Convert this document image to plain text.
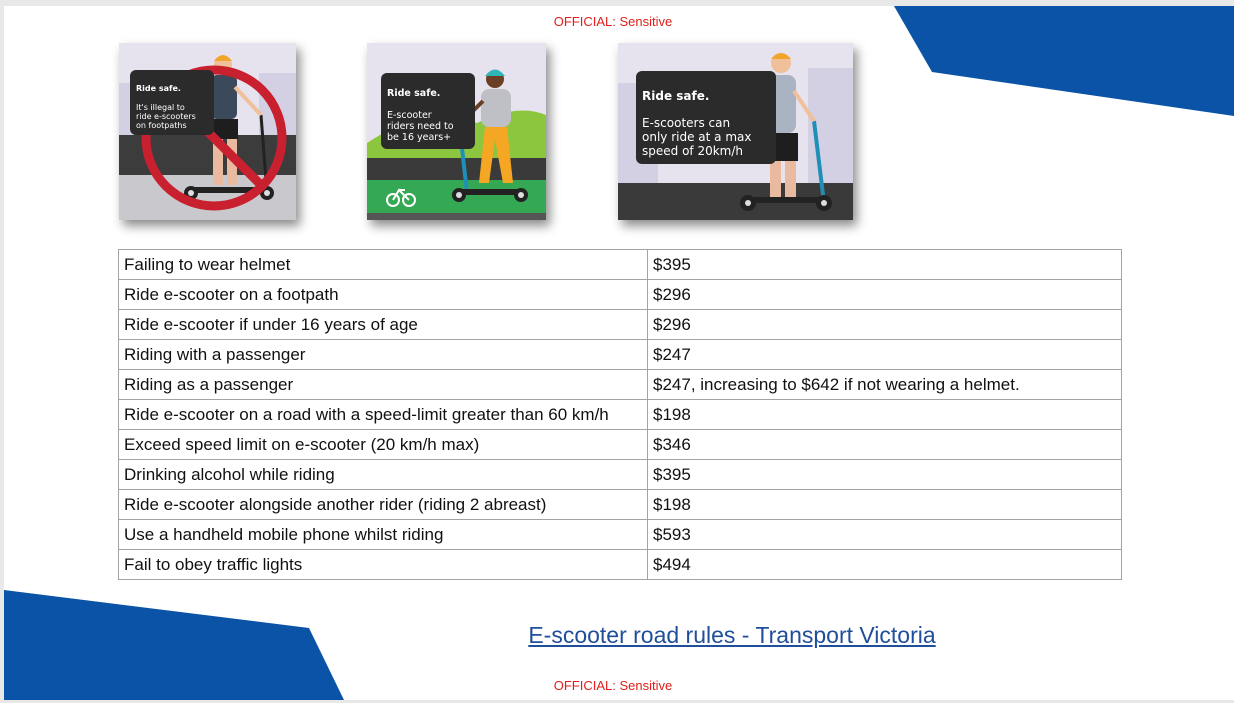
OFFICIAL: Sensitive

Ride safe.

It's illegal to
ride e-scooters
on footpaths

Ride safe.

E-scooter
riders need to
be 16 years+

Ride safe.

E-scooters can
only ride at a max
speed of 20km/h

Failing to wear helmet	$395
Ride e-scooter on a footpath	$296
Ride e-scooter if under 16 years of age	$296
Riding with a passenger	$247
Riding as a passenger	$247, increasing to $642 if not wearing a helmet.
Ride e-scooter on a road with a speed-limit greater than 60 km/h	$198
Exceed speed limit on e-scooter (20 km/h max)	$346
Drinking alcohol while riding	$395
Ride e-scooter alongside another rider (riding 2 abreast)	$198
Use a handheld mobile phone whilst riding	$593
Fail to obey traffic lights	$494
E-scooter road rules - Transport Victoria
OFFICIAL: Sensitive
